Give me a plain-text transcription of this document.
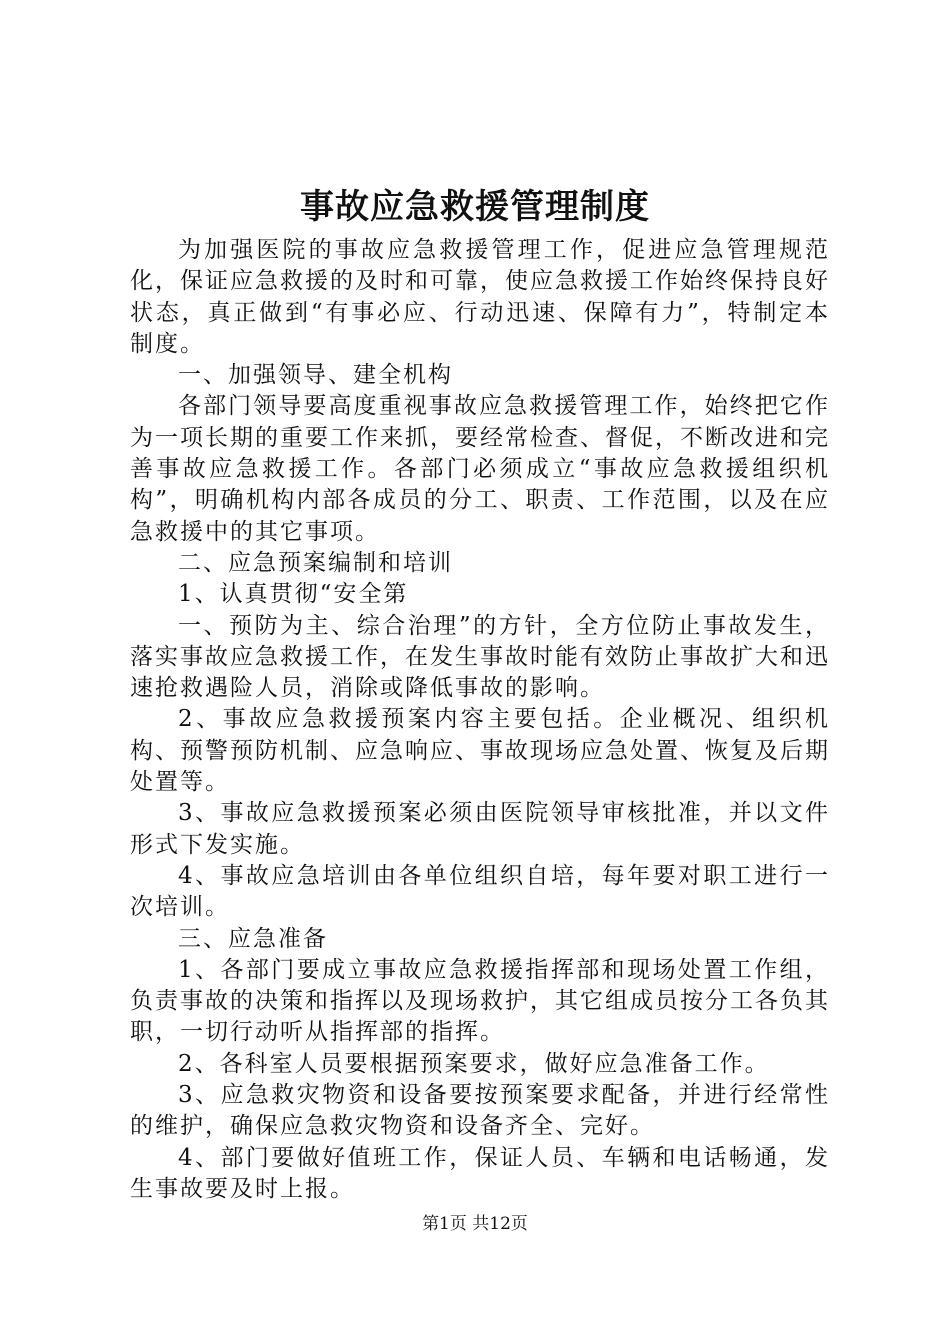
事故应急救援管理制度

为加强医院的事故应急救援管理工作，促进应急管理规范化，保证应急救援的及时和可靠，使应急救援工作始终保持良好状态，真正做到“有事必应、行动迅速、保障有力”，特制定本制度。

一、加强领导、建全机构

各部门领导要高度重视事故应急救援管理工作，始终把它作为一项长期的重要工作来抓，要经常检查、督促，不断改进和完善事故应急救援工作。各部门必须成立“事故应急救援组织机构”，明确机构内部各成员的分工、职责、工作范围，以及在应急救援中的其它事项。

二、应急预案编制和培训

1、认真贯彻“安全第

一、预防为主、综合治理”的方针，全方位防止事故发生，落实事故应急救援工作，在发生事故时能有效防止事故扩大和迅速抢救遇险人员，消除或降低事故的影响。

2、事故应急救援预案内容主要包括。企业概况、组织机构、预警预防机制、应急响应、事故现场应急处置、恢复及后期处置等。

3、事故应急救援预案必须由医院领导审核批准，并以文件形式下发实施。

4、事故应急培训由各单位组织自培，每年要对职工进行一次培训。

三、应急准备

1、各部门要成立事故应急救援指挥部和现场处置工作组，负责事故的决策和指挥以及现场救护，其它组成员按分工各负其职，一切行动听从指挥部的指挥。

2、各科室人员要根据预案要求，做好应急准备工作。

3、应急救灾物资和设备要按预案要求配备，并进行经常性的维护，确保应急救灾物资和设备齐全、完好。

4、部门要做好值班工作，保证人员、车辆和电话畅通，发生事故要及时上报。

第1页 共12页
